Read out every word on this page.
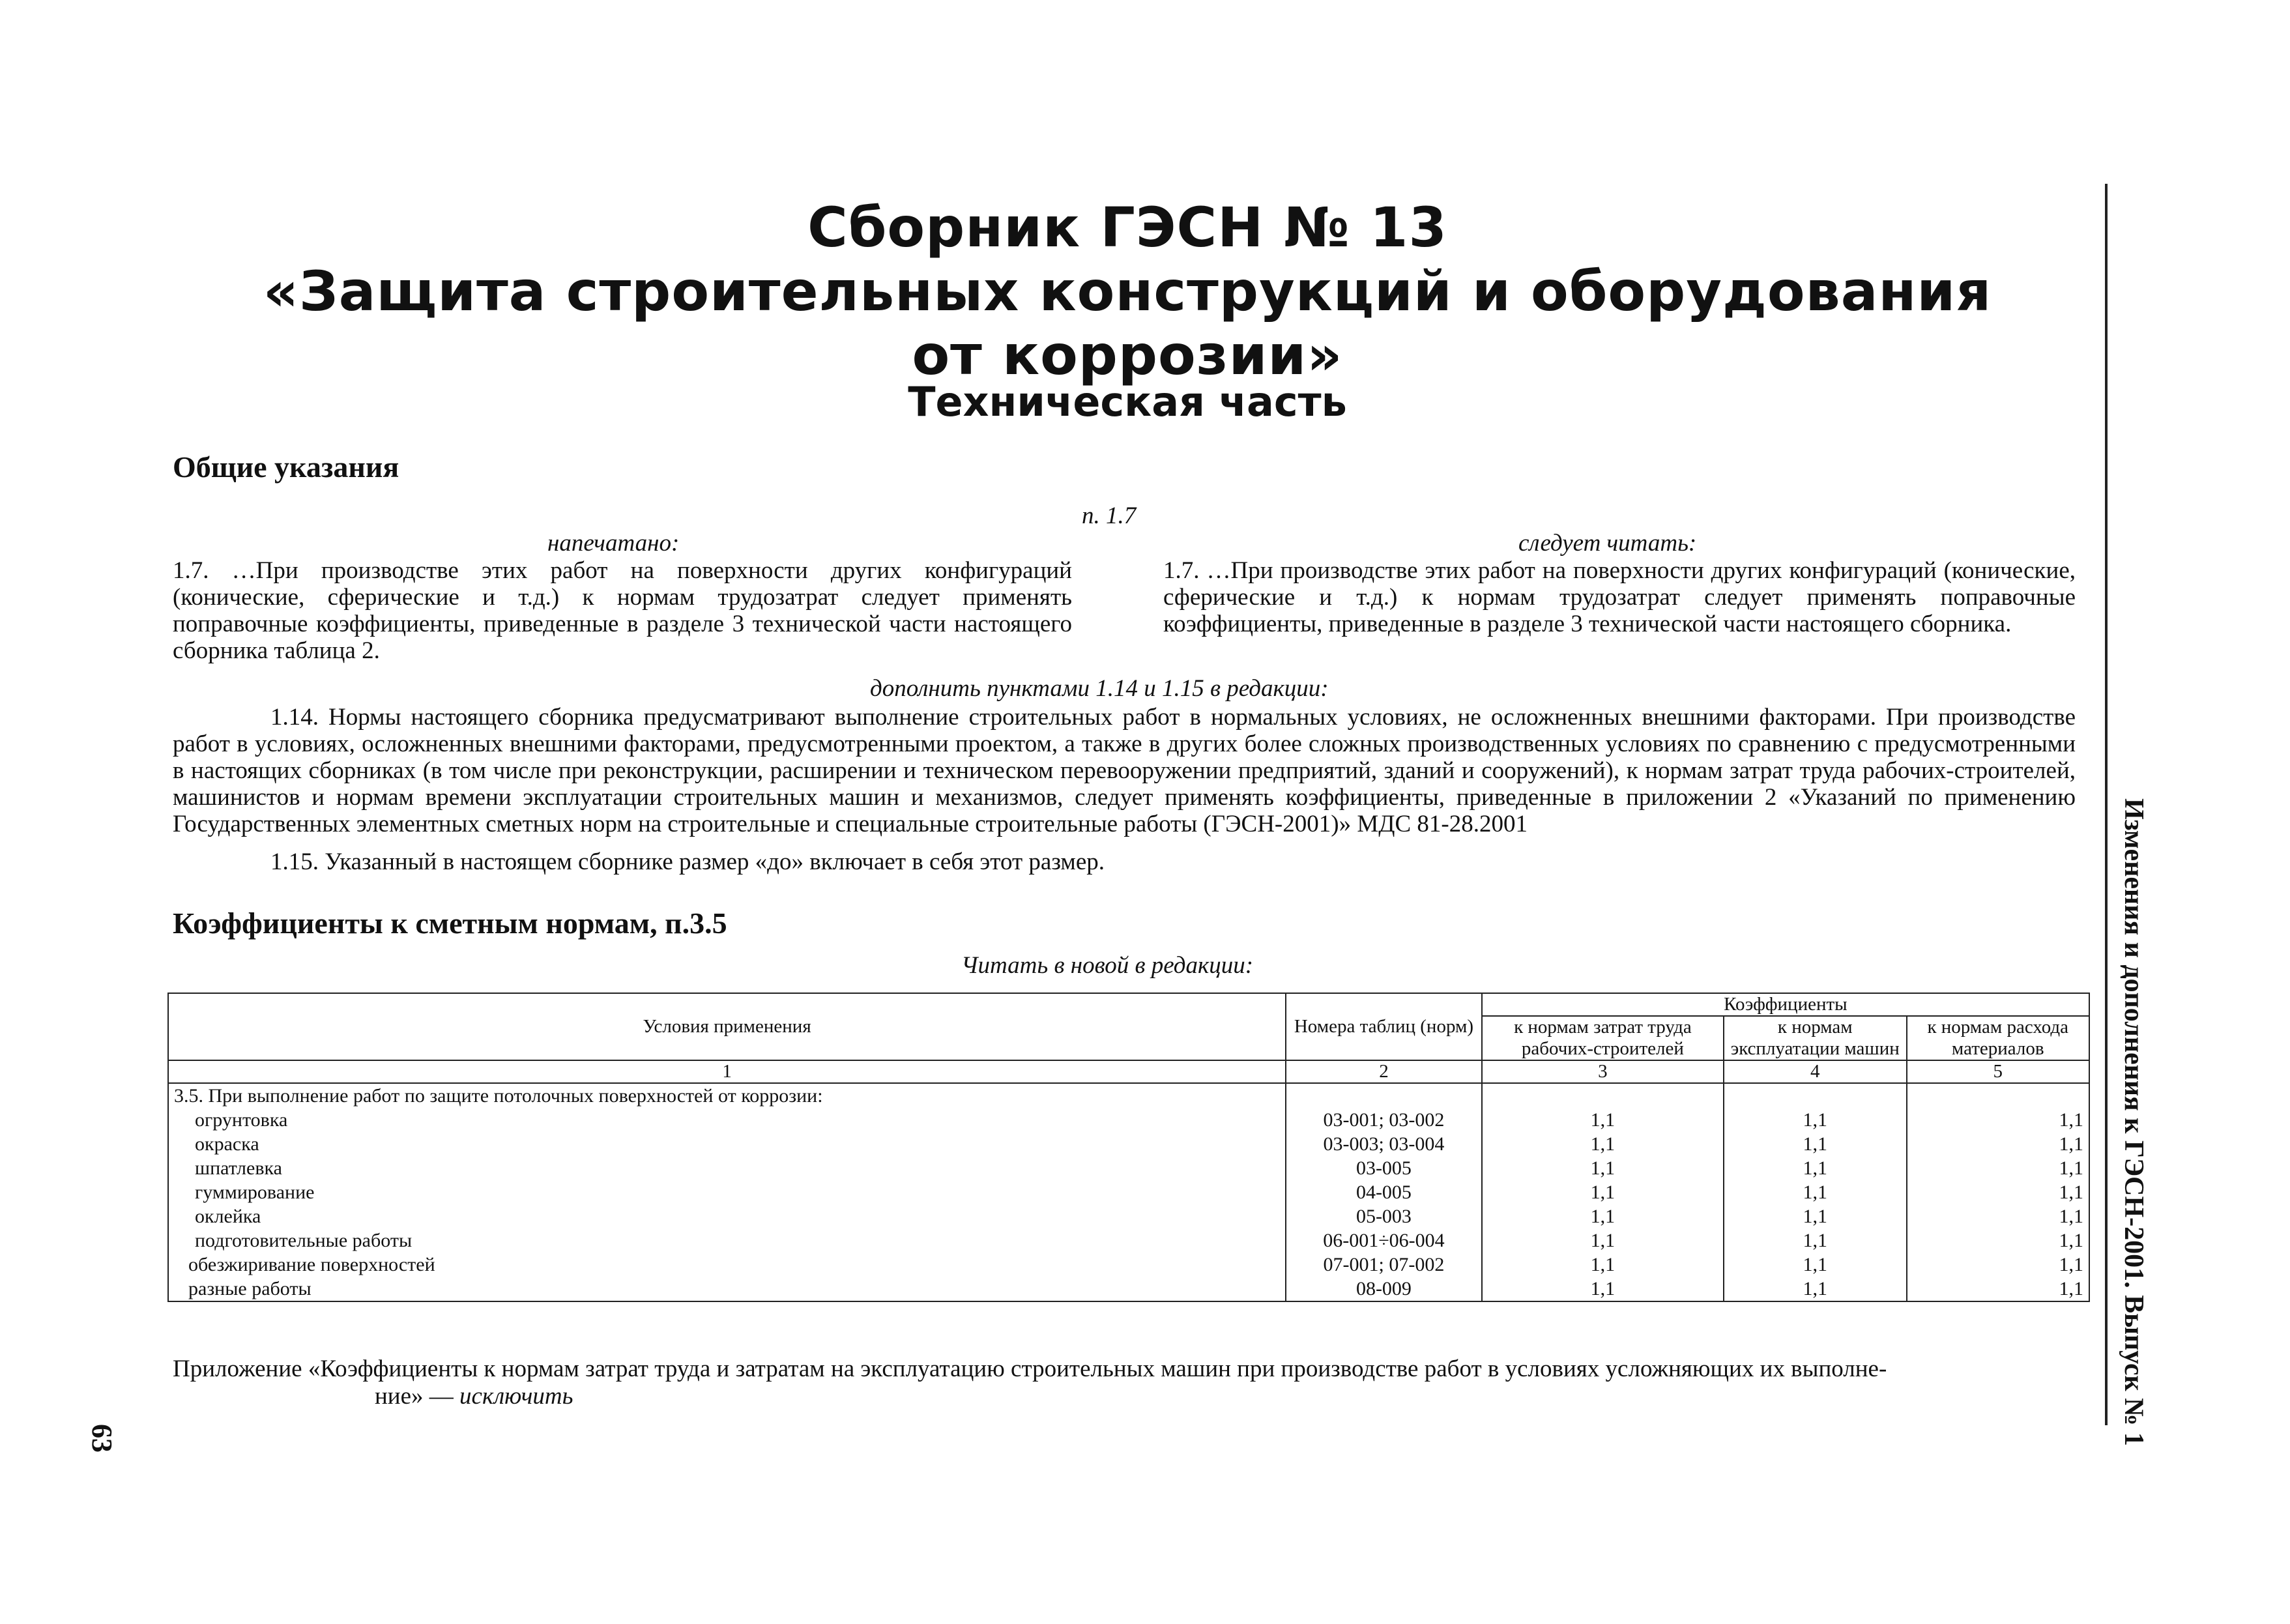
Сборник ГЭСН № 13
«Защита строительных конструкций и оборудования
от коррозии»
Техническая часть
Общие указания
п. 1.7
напечатано:
1.7. …При производстве этих работ на поверхности других конфигураций (конические, сферические и т.д.) к нормам трудозатрат следует применять поправочные коэффициенты, приведенные в разделе 3 технической части настоящего сборника таблица 2.
следует читать:
1.7. …При производстве этих работ на поверхности других конфигураций (конические, сферические и т.д.) к нормам трудозатрат следует применять поправочные коэффициенты, приведенные в разделе 3 технической части настоящего сборника.
дополнить пунктами 1.14 и 1.15 в редакции:
1.14. Нормы настоящего сборника предусматривают выполнение строительных работ в нормальных условиях, не осложненных внешними факторами. При производстве работ в условиях, осложненных внешними факторами, предусмотренными проектом, а также в других более сложных производственных условиях по сравнению с предусмотренными в настоящих сборниках (в том числе при реконструкции, расширении и техническом перевооружении предприятий, зданий и сооружений), к нормам затрат труда рабочих-строителей, машинистов и нормам времени эксплуатации строительных машин и механизмов, следует применять коэффициенты, приведенные в приложении 2 «Указаний по применению Государственных элементных сметных норм на строительные и специальные строительные работы (ГЭСН-2001)» МДС 81-28.2001
1.15. Указанный в настоящем сборнике размер «до» включает в себя этот размер.
Коэффициенты к сметным нормам, п.3.5
Читать в новой в редакции:
Условия применения	Номера таблиц (норм)	Коэффициенты		
		к нормам затрат труда рабочих-строителей	к нормам эксплуатации машин	к нормам расхода материалов
1	2	3	4	5
3.5. При выполнение работ по защите потолочных поверхностей от коррозии:				
огрунтовка	03-001; 03-002	1,1	1,1	1,1
окраска	03-003; 03-004	1,1	1,1	1,1
шпатлевка	03-005	1,1	1,1	1,1
гуммирование	04-005	1,1	1,1	1,1
оклейка	05-003	1,1	1,1	1,1
подготовительные работы	06-001÷06-004	1,1	1,1	1,1
обезжиривание поверхностей	07-001; 07-002	1,1	1,1	1,1
разные работы	08-009	1,1	1,1	1,1
Приложение «Коэффициенты к нормам затрат труда и затратам на эксплуатацию строительных машин при производстве работ в условиях усложняющих их выполне-
ние» — исключить	Изменения и дополнения к ГЭСН-2001. Выпуск № 1
63
